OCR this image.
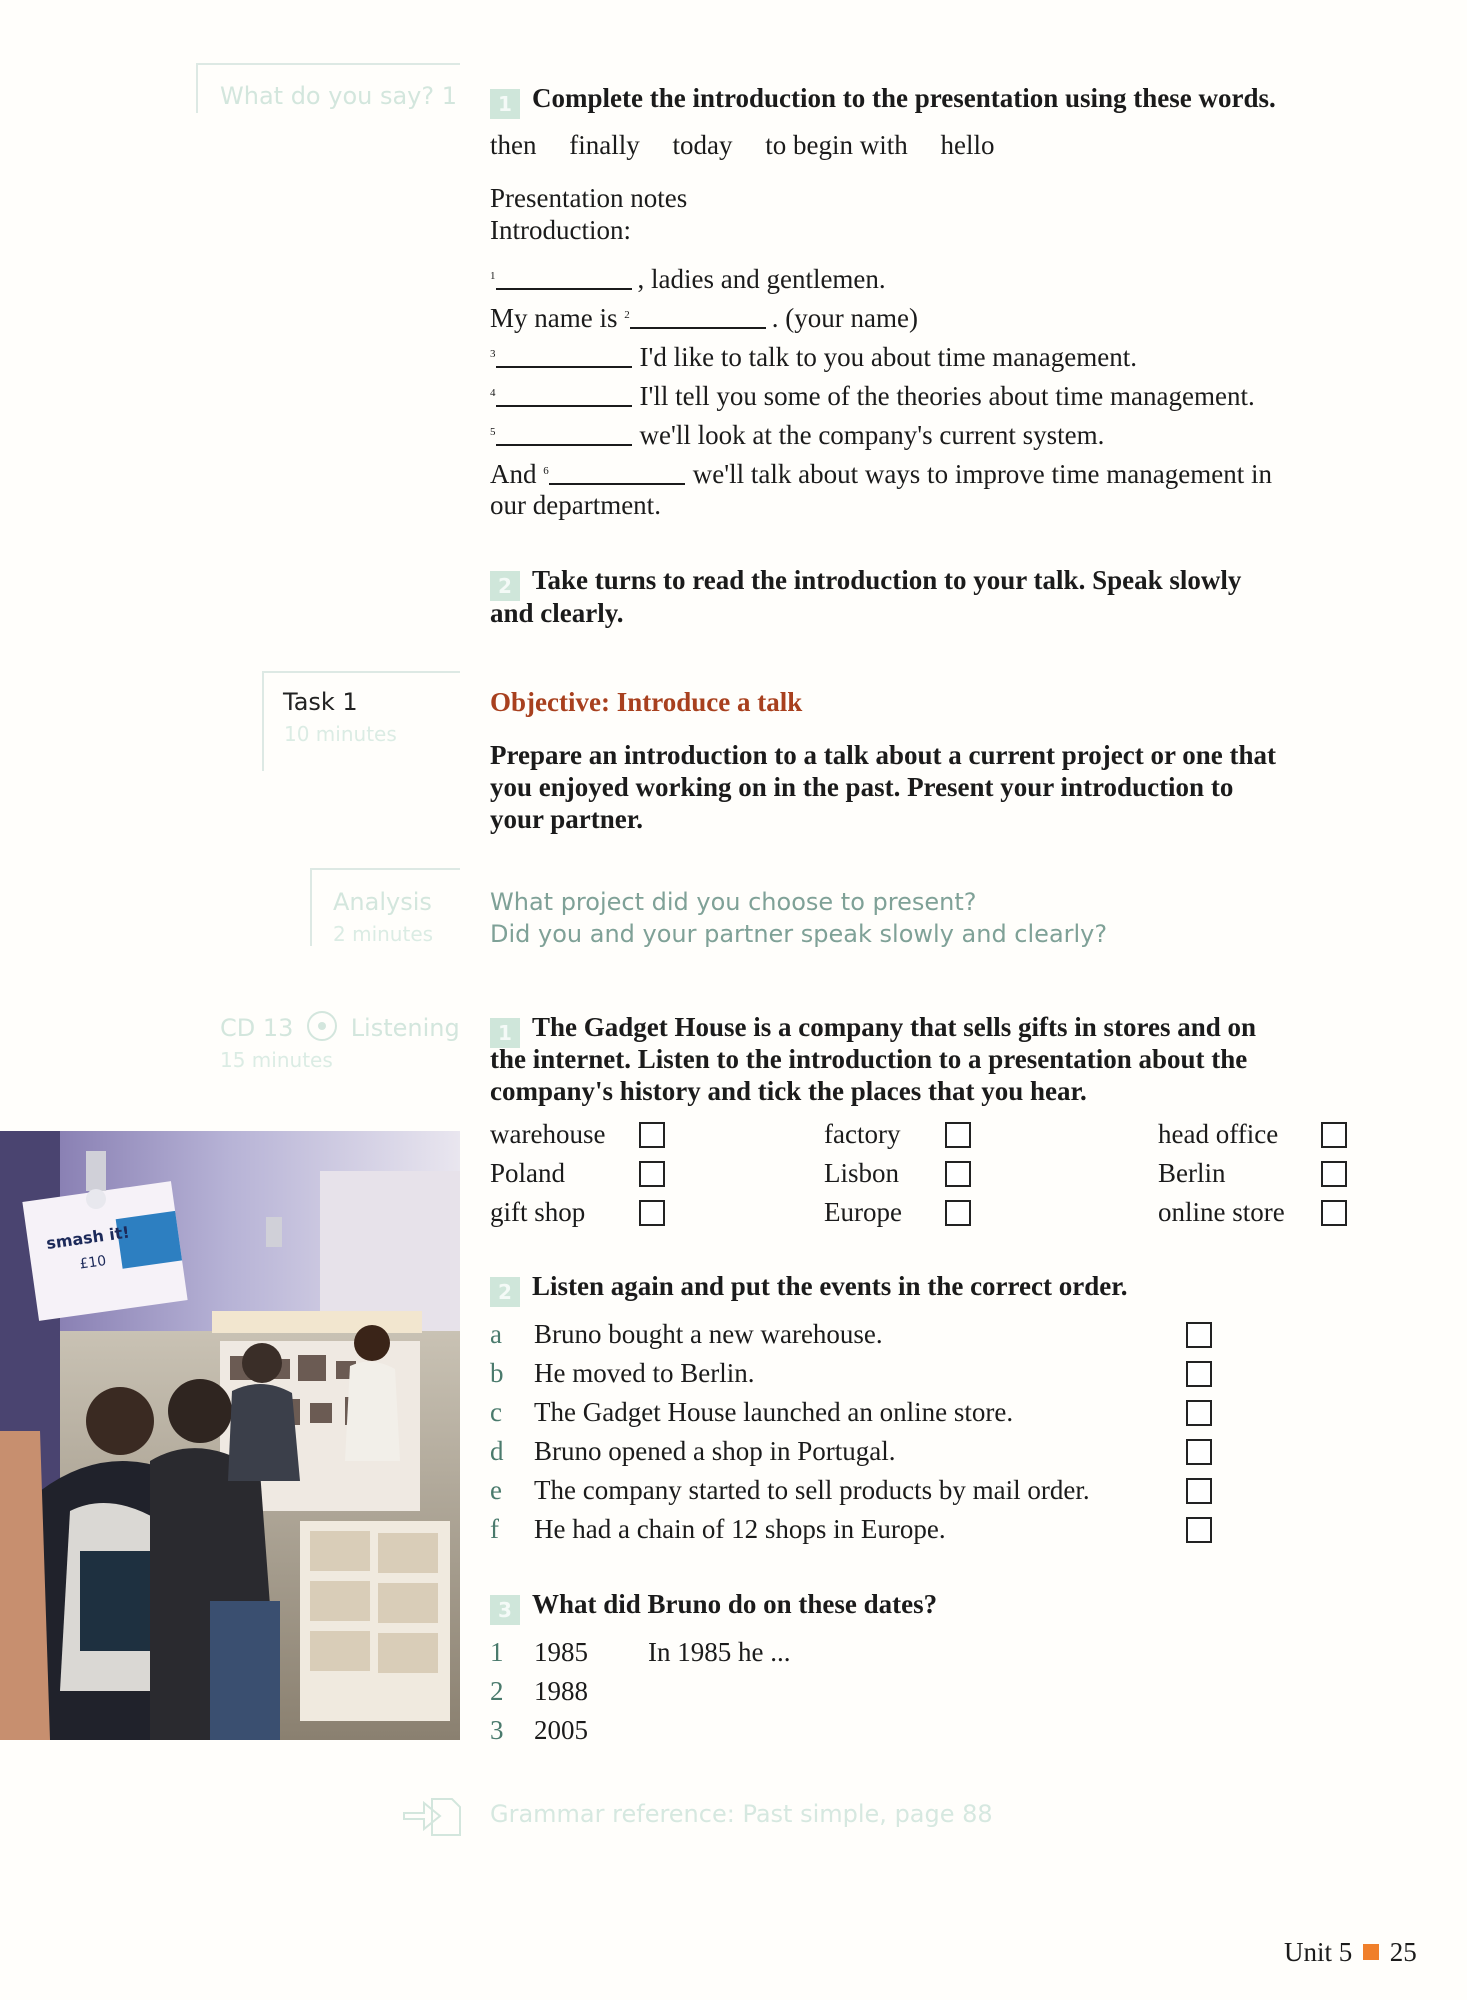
What do you say? 1
Task 1
10 minutes
Analysis
2 minutes
CD 13 Listening
15 minutes
1 Complete the introduction to the presentation using these words.
then finally today to begin with hello
Presentation notes
Introduction:
$^1$	, ladies and gentlemen.
My name is $^2$	. (your name)
$^3$	I'd like to talk to you about time management.
$^4$	I'll tell you some of the theories about time management.
$^5$	we'll look at the company's current system.
And $^6$	we'll talk about ways to improve time management in
our department.
2 Take turns to read the introduction to your talk. Speak slowly
and clearly.
Objective: Introduce a talk
Prepare an introduction to a talk about a current project or one that
you enjoyed working on in the past. Present your introduction to
your partner.
What project did you choose to present?
Did you and your partner speak slowly and clearly?
1 The Gadget House is a company that sells gifts in stores and on
the internet. Listen to the introduction to a presentation about the
company's history and tick the places that you hear.
warehouse	factory	head office
Poland	Lisbon	Berlin
gift shop	Europe	online store
2 Listen again and put the events in the correct order.
a Bruno bought a new warehouse.
b He moved to Berlin.
c The Gadget House launched an online store.
d Bruno opened a shop in Portugal.
e The company started to sell products by mail order.
f He had a chain of 12 shops in Europe.
3 What did Bruno do on these dates?
1 1985 In 1985 he ...
2 1988
3 2005
Grammar reference: Past simple, page 88
Unit 5 25
smash it!
£10
